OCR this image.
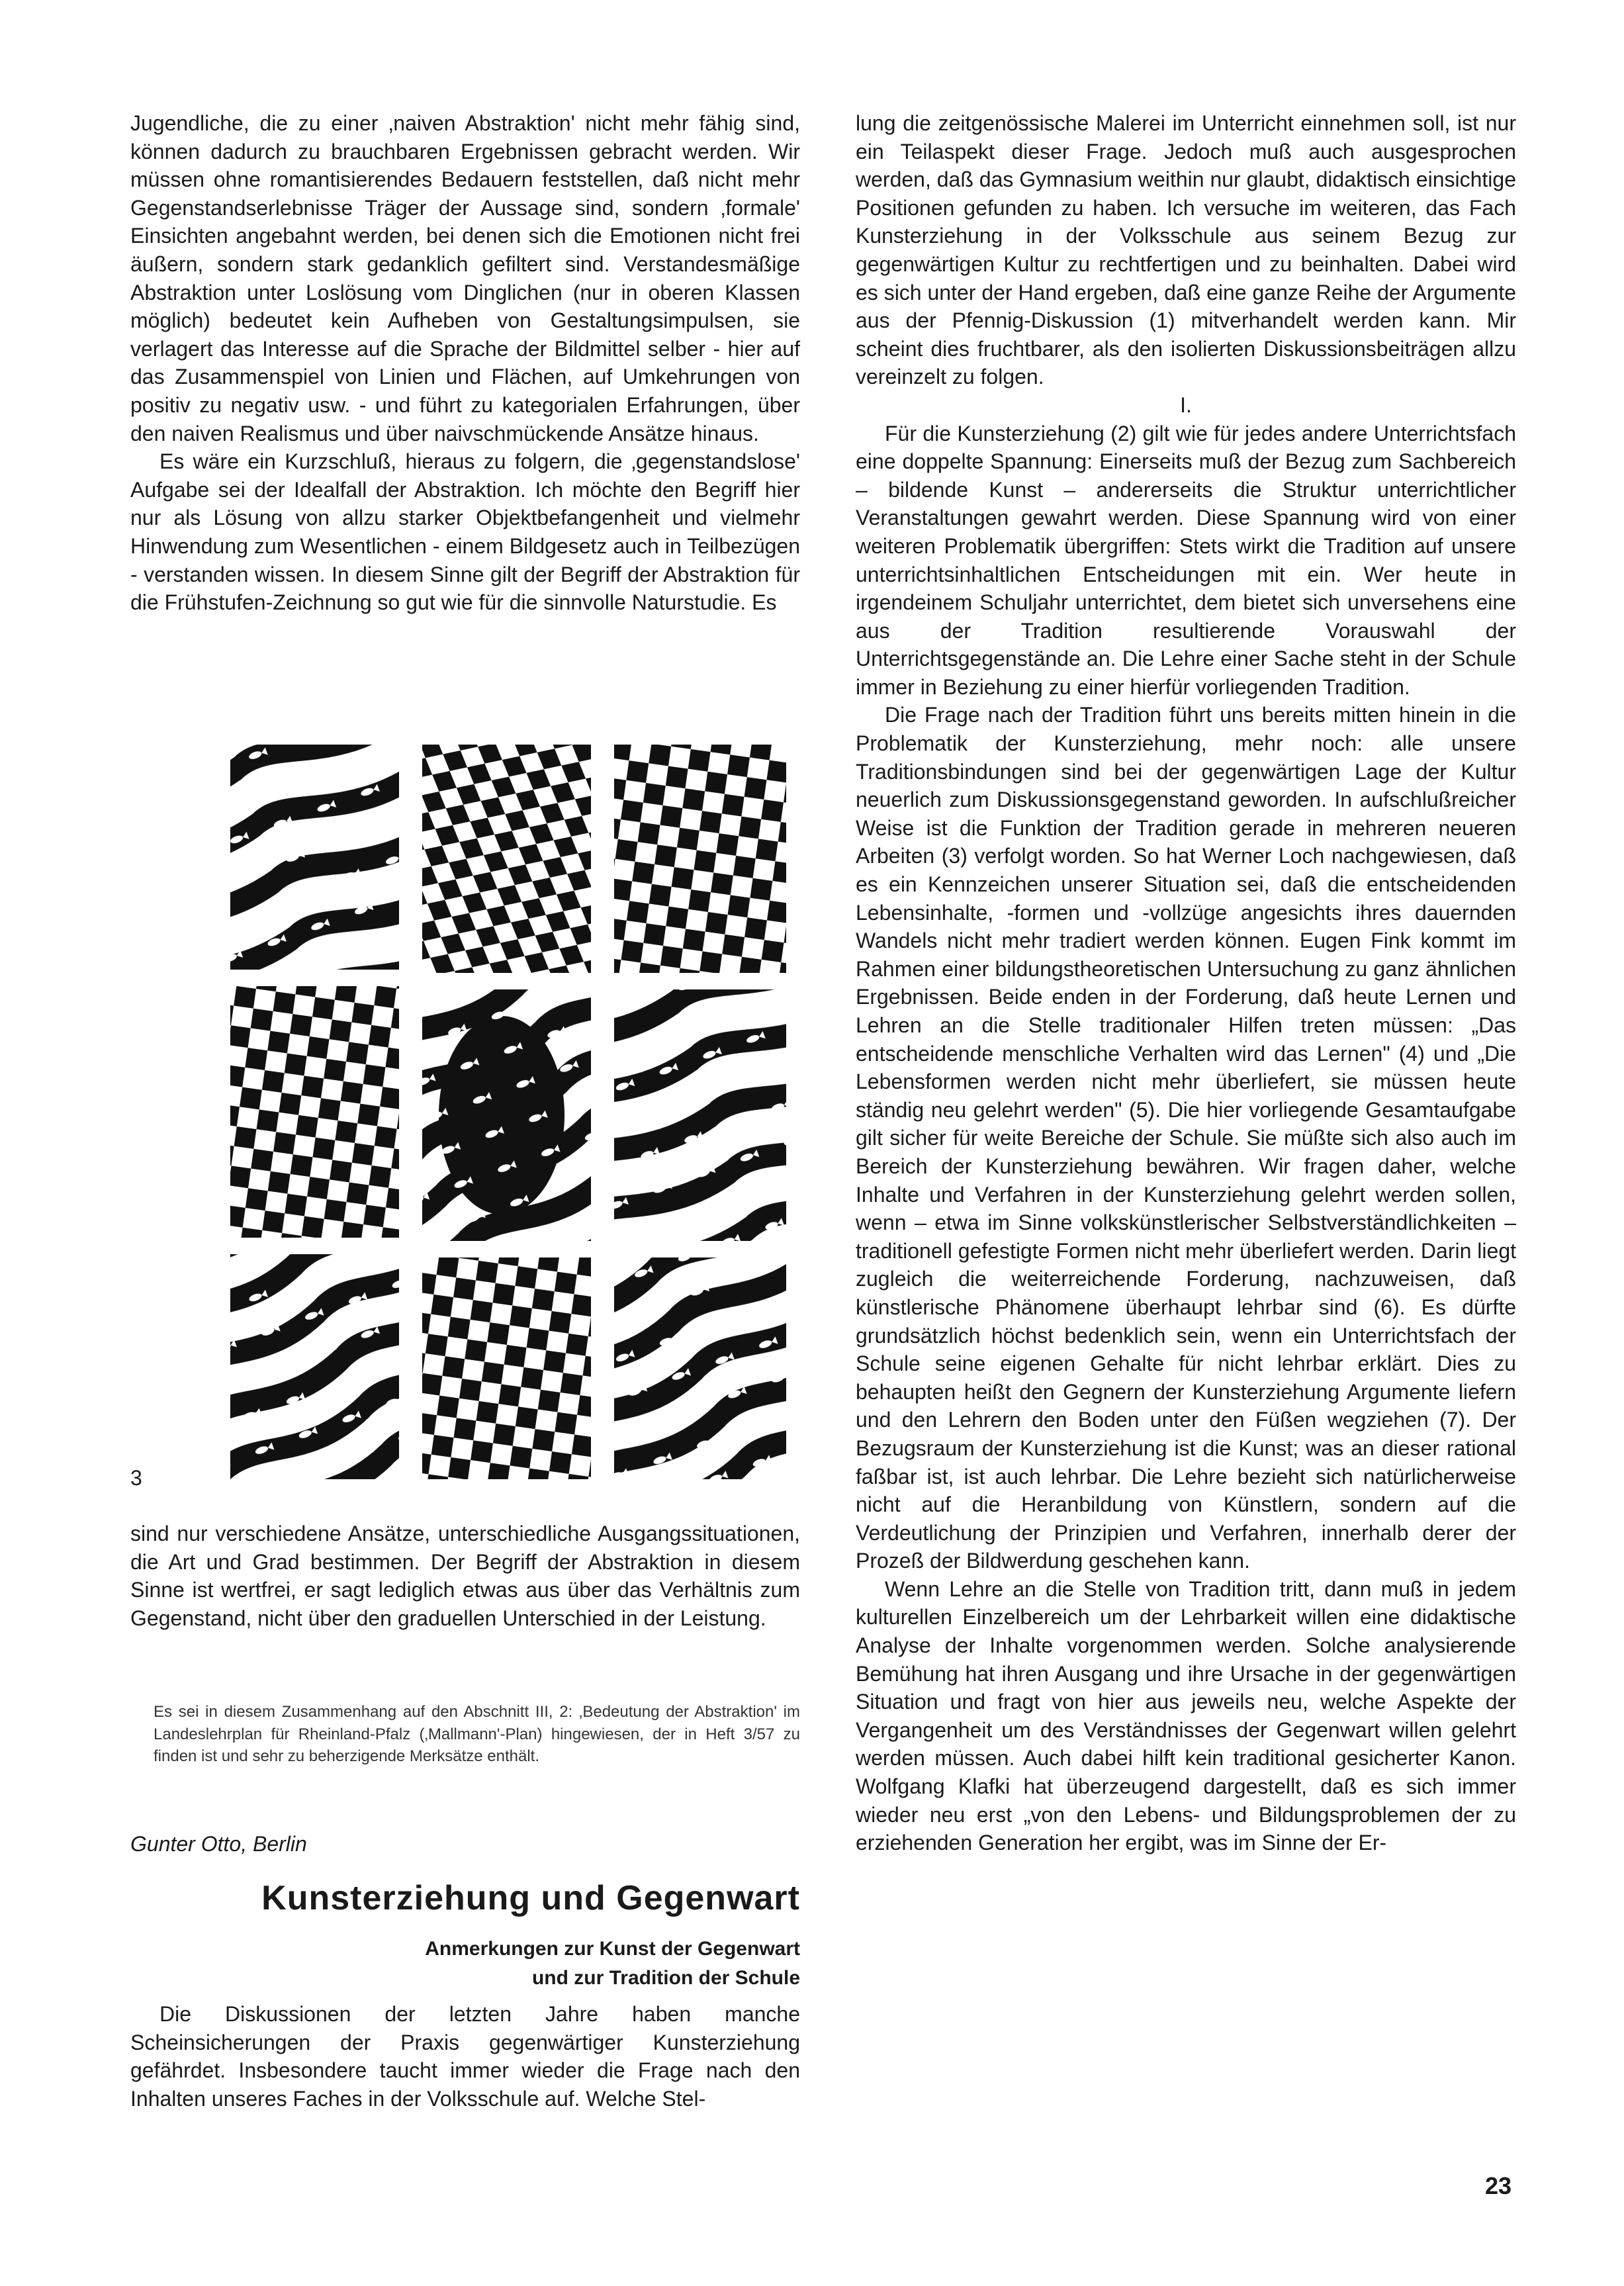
Jugendliche, die zu einer ‚naiven Abstraktion' nicht mehr fähig sind, können dadurch zu brauchbaren Ergebnissen gebracht werden. Wir müssen ohne romantisierendes Bedauern feststellen, daß nicht mehr Gegenstandserlebnisse Träger der Aussage sind, sondern ‚formale' Einsichten angebahnt werden, bei denen sich die Emotionen nicht frei äußern, sondern stark gedanklich gefiltert sind. Verstandesmäßige Abstraktion unter Loslösung vom Dinglichen (nur in oberen Klassen möglich) bedeutet kein Aufheben von Gestaltungsimpulsen, sie verlagert das Interesse auf die Sprache der Bildmittel selber - hier auf das Zusammenspiel von Linien und Flächen, auf Umkehrungen von positiv zu negativ usw. - und führt zu kategorialen Erfahrungen, über den naiven Realismus und über naivschmückende Ansätze hinaus.

Es wäre ein Kurzschluß, hieraus zu folgern, die ‚gegenstandslose' Aufgabe sei der Idealfall der Abstraktion. Ich möchte den Begriff hier nur als Lösung von allzu starker Objektbefangenheit und vielmehr Hinwendung zum Wesentlichen - einem Bildgesetz auch in Teilbezügen - verstanden wissen. In diesem Sinne gilt der Begriff der Abstraktion für die Frühstufen-Zeichnung so gut wie für die sinnvolle Naturstudie. Es

3

sind nur verschiedene Ansätze, unterschiedliche Ausgangssituationen, die Art und Grad bestimmen. Der Begriff der Abstraktion in diesem Sinne ist wertfrei, er sagt lediglich etwas aus über das Verhältnis zum Gegenstand, nicht über den graduellen Unterschied in der Leistung.

Es sei in diesem Zusammenhang auf den Abschnitt III, 2: ‚Bedeutung der Abstraktion' im Landeslehrplan für Rheinland-Pfalz (‚Mallmann'-Plan) hingewiesen, der in Heft 3/57 zu finden ist und sehr zu beherzigende Merksätze enthält.

Gunter Otto, Berlin
Kunsterziehung und Gegenwart
Anmerkungen zur Kunst der Gegenwart
und zur Tradition der Schule

Die Diskussionen der letzten Jahre haben manche Scheinsicherungen der Praxis gegenwärtiger Kunsterziehung gefährdet. Insbesondere taucht immer wieder die Frage nach den Inhalten unseres Faches in der Volksschule auf. Welche Stel-

lung die zeitgenössische Malerei im Unterricht einnehmen soll, ist nur ein Teilaspekt dieser Frage. Jedoch muß auch ausgesprochen werden, daß das Gymnasium weithin nur glaubt, didaktisch einsichtige Positionen gefunden zu haben. Ich versuche im weiteren, das Fach Kunsterziehung in der Volksschule aus seinem Bezug zur gegenwärtigen Kultur zu rechtfertigen und zu beinhalten. Dabei wird es sich unter der Hand ergeben, daß eine ganze Reihe der Argumente aus der Pfennig-Diskussion (1) mitverhandelt werden kann. Mir scheint dies fruchtbarer, als den isolierten Diskussionsbeiträgen allzu vereinzelt zu folgen.

I.

Für die Kunsterziehung (2) gilt wie für jedes andere Unterrichtsfach eine doppelte Spannung: Einerseits muß der Bezug zum Sachbereich – bildende Kunst – andererseits die Struktur unterrichtlicher Veranstaltungen gewahrt werden. Diese Spannung wird von einer weiteren Problematik übergriffen: Stets wirkt die Tradition auf unsere unterrichtsinhaltlichen Entscheidungen mit ein. Wer heute in irgendeinem Schuljahr unterrichtet, dem bietet sich unversehens eine aus der Tradition resultierende Vorauswahl der Unterrichtsgegenstände an. Die Lehre einer Sache steht in der Schule immer in Beziehung zu einer hierfür vorliegenden Tradition.

Die Frage nach der Tradition führt uns bereits mitten hinein in die Problematik der Kunsterziehung, mehr noch: alle unsere Traditionsbindungen sind bei der gegenwärtigen Lage der Kultur neuerlich zum Diskussionsgegenstand geworden. In aufschlußreicher Weise ist die Funktion der Tradition gerade in mehreren neueren Arbeiten (3) verfolgt worden. So hat Werner Loch nachgewiesen, daß es ein Kennzeichen unserer Situation sei, daß die entscheidenden Lebensinhalte, -formen und -vollzüge angesichts ihres dauernden Wandels nicht mehr tradiert werden können. Eugen Fink kommt im Rahmen einer bildungstheoretischen Untersuchung zu ganz ähnlichen Ergebnissen. Beide enden in der Forderung, daß heute Lernen und Lehren an die Stelle traditionaler Hilfen treten müssen: „Das entscheidende menschliche Verhalten wird das Lernen" (4) und „Die Lebensformen werden nicht mehr überliefert, sie müssen heute ständig neu gelehrt werden" (5). Die hier vorliegende Gesamtaufgabe gilt sicher für weite Bereiche der Schule. Sie müßte sich also auch im Bereich der Kunsterziehung bewähren. Wir fragen daher, welche Inhalte und Verfahren in der Kunsterziehung gelehrt werden sollen, wenn – etwa im Sinne volkskünstlerischer Selbstverständlichkeiten – traditionell gefestigte Formen nicht mehr überliefert werden. Darin liegt zugleich die weiterreichende Forderung, nachzuweisen, daß künstlerische Phänomene überhaupt lehrbar sind (6). Es dürfte grundsätzlich höchst bedenklich sein, wenn ein Unterrichtsfach der Schule seine eigenen Gehalte für nicht lehrbar erklärt. Dies zu behaupten heißt den Gegnern der Kunsterziehung Argumente liefern und den Lehrern den Boden unter den Füßen wegziehen (7). Der Bezugsraum der Kunsterziehung ist die Kunst; was an dieser rational faßbar ist, ist auch lehrbar. Die Lehre bezieht sich natürlicherweise nicht auf die Heranbildung von Künstlern, sondern auf die Verdeutlichung der Prinzipien und Verfahren, innerhalb derer der Prozeß der Bildwerdung geschehen kann.

Wenn Lehre an die Stelle von Tradition tritt, dann muß in jedem kulturellen Einzelbereich um der Lehrbarkeit willen eine didaktische Analyse der Inhalte vorgenommen werden. Solche analysierende Bemühung hat ihren Ausgang und ihre Ursache in der gegenwärtigen Situation und fragt von hier aus jeweils neu, welche Aspekte der Vergangenheit um des Verständnisses der Gegenwart willen gelehrt werden müssen. Auch dabei hilft kein traditional gesicherter Kanon. Wolfgang Klafki hat überzeugend dargestellt, daß es sich immer wieder neu erst „von den Lebens- und Bildungsproblemen der zu erziehenden Generation her ergibt, was im Sinne der Er-

23
